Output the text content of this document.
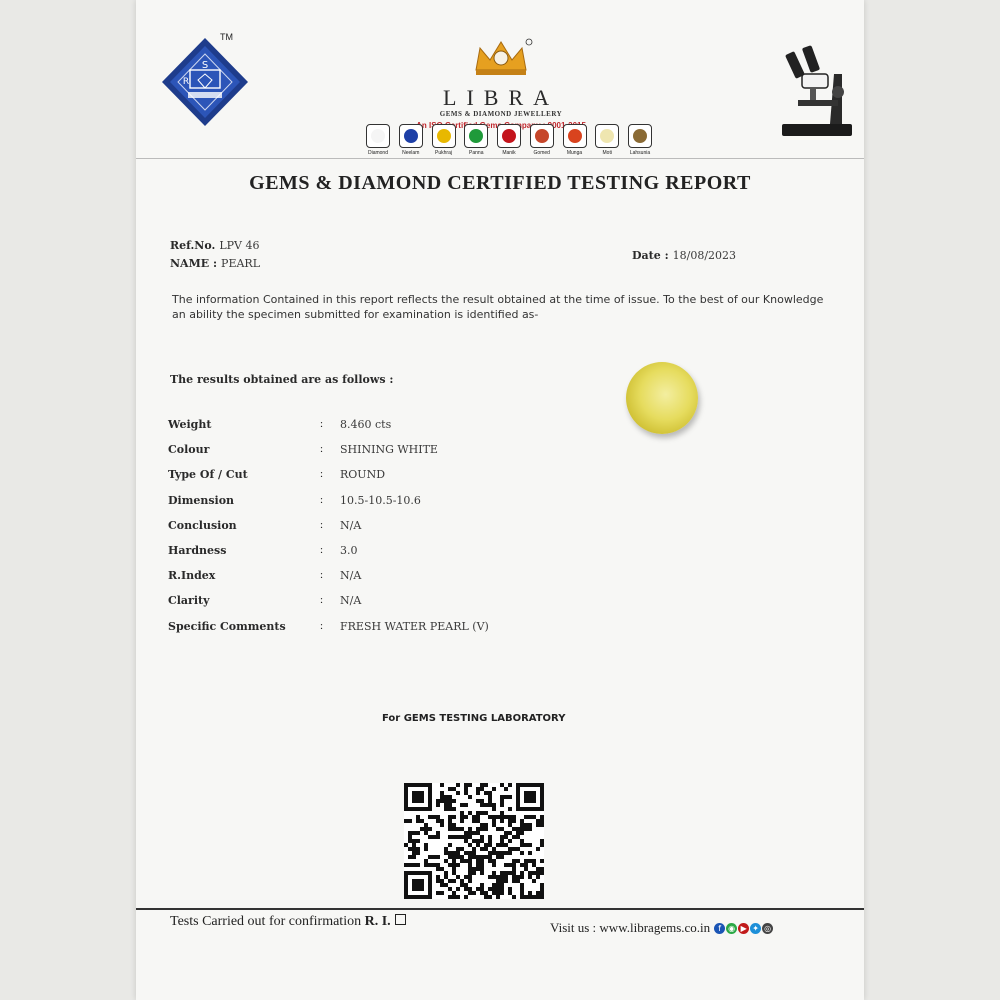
S
R
TM
LIBRA
GEMS & DIAMOND JEWELLERY
Certified Gems Company
Diamond	Neelam	Pukhraj	Panna	Manik	Gomed	Munga	Moti	Lahsunia
GEMS & DIAMOND CERTIFIED TESTING REPORT
Ref.No. LPV 46
NAME : PEARL
Date : 18/08/2023
The information Contained in this report reflects the result obtained at the time of issue. To the best of our Knowledge an ability the specimen submitted for examination is identified as-
The results obtained are as follows :
Weight	: 8.460 cts
Colour	: SHINING WHITE
Type Of / Cut	: ROUND
Dimension	: 10.5-10.5-10.6
Conclusion	: N/A
Hardness	: 3.0
R.Index	: N/A
Clarity	: N/A
Specific Comments	: FRESH WATER PEARL (V)
For GEMS TESTING LABORATORY
Tests Carried out for confirmation R. I.	Visit us : www.libragems.co.in	f ◉ ▶ ✦ ◎
